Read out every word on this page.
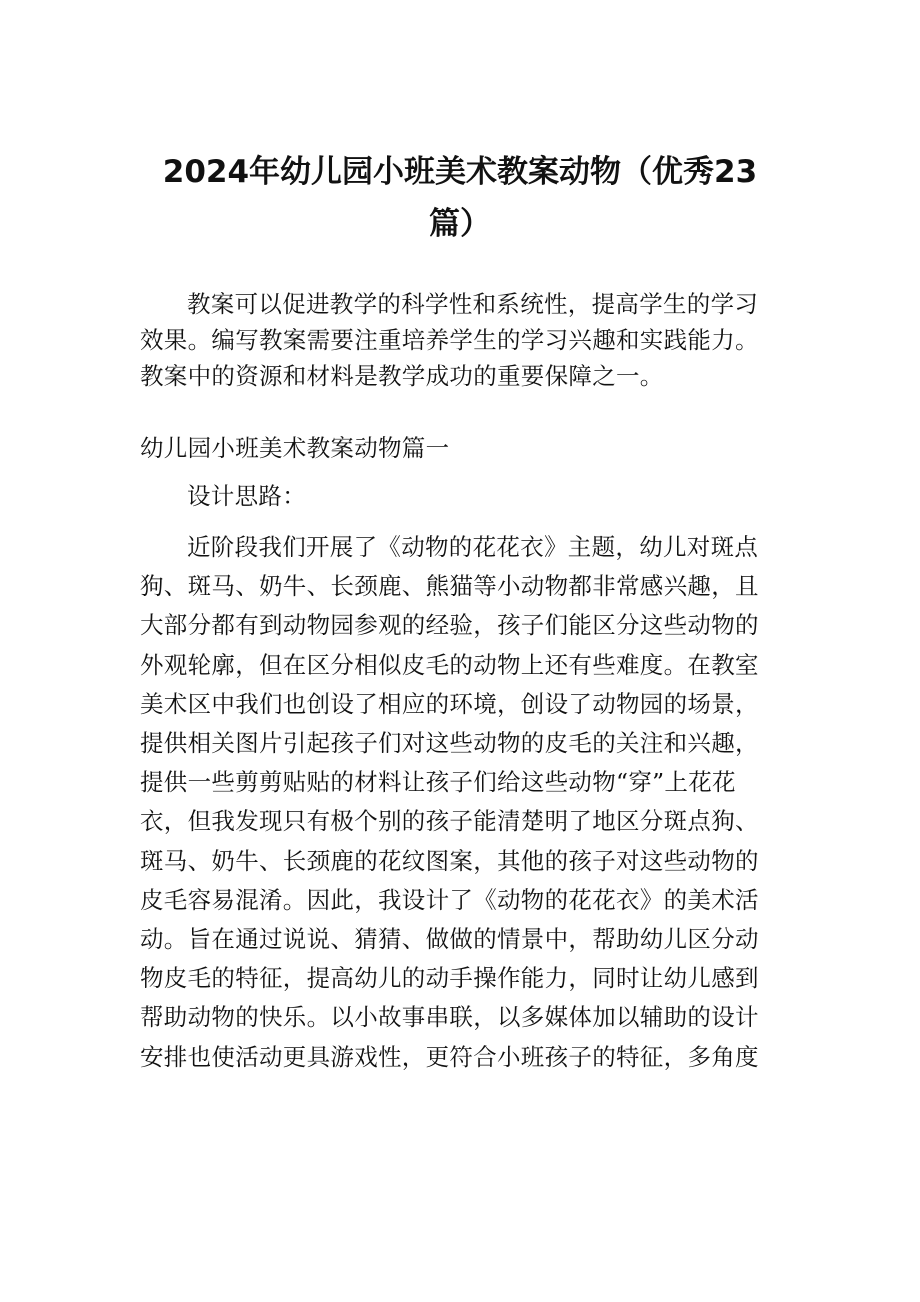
2024年幼儿园小班美术教案动物（优秀23
篇）
教案可以促进教学的科学性和系统性，提高学生的学习
效果。编写教案需要注重培养学生的学习兴趣和实践能力。
教案中的资源和材料是教学成功的重要保障之一。
幼儿园小班美术教案动物篇一
设计思路：
近阶段我们开展了《动物的花花衣》主题，幼儿对斑点
狗、斑马、奶牛、长颈鹿、熊猫等小动物都非常感兴趣，且
大部分都有到动物园参观的经验，孩子们能区分这些动物的
外观轮廓，但在区分相似皮毛的动物上还有些难度。在教室
美术区中我们也创设了相应的环境，创设了动物园的场景，
提供相关图片引起孩子们对这些动物的皮毛的关注和兴趣，
提供一些剪剪贴贴的材料让孩子们给这些动物“穿”上花花
衣，但我发现只有极个别的孩子能清楚明了地区分斑点狗、
斑马、奶牛、长颈鹿的花纹图案，其他的孩子对这些动物的
皮毛容易混淆。因此，我设计了《动物的花花衣》的美术活
动。旨在通过说说、猜猜、做做的情景中，帮助幼儿区分动
物皮毛的特征，提高幼儿的动手操作能力，同时让幼儿感到
帮助动物的快乐。以小故事串联，以多媒体加以辅助的设计
安排也使活动更具游戏性，更符合小班孩子的特征，多角度
